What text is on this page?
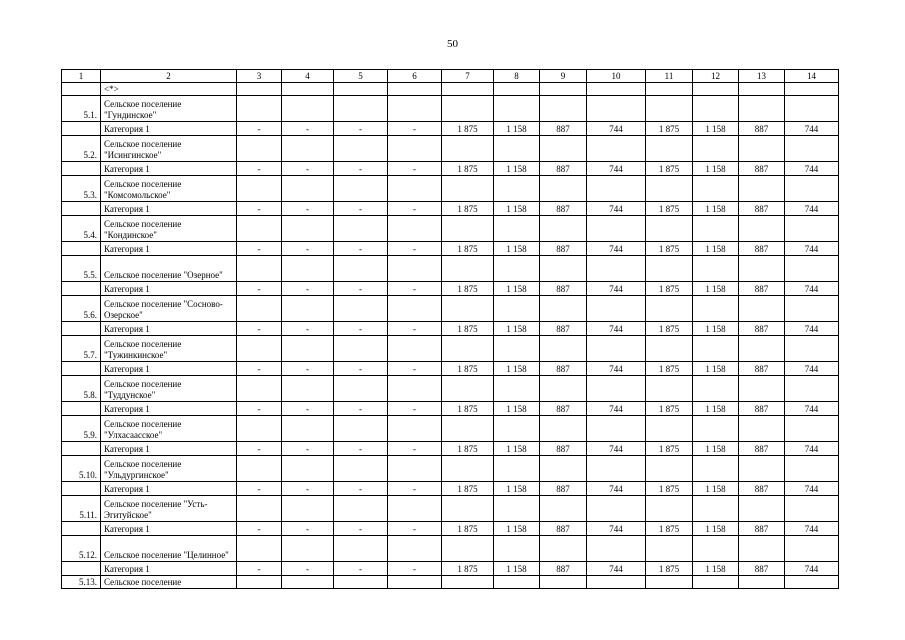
50
1	2	3	4	5	6	7	8	9	10	11	12	13	14
	<*>												
5.1.	Сельское поселение "Гундинское"												
	Категория 1	-	-	-	-	1 875	1 158	887	744	1 875	1 158	887	744
5.2.	Сельское поселение "Исингинское"												
	Категория 1	-	-	-	-	1 875	1 158	887	744	1 875	1 158	887	744
5.3.	Сельское поселение "Комсомольское"												
	Категория 1	-	-	-	-	1 875	1 158	887	744	1 875	1 158	887	744
5.4.	Сельское поселение "Кондинское"												
	Категория 1	-	-	-	-	1 875	1 158	887	744	1 875	1 158	887	744
5.5.	Сельское поселение "Озерное"												
	Категория 1	-	-	-	-	1 875	1 158	887	744	1 875	1 158	887	744
5.6.	Сельское поселение "Сосново-Озерское"												
	Категория 1	-	-	-	-	1 875	1 158	887	744	1 875	1 158	887	744
5.7.	Сельское поселение "Тужинкинское"												
	Категория 1	-	-	-	-	1 875	1 158	887	744	1 875	1 158	887	744
5.8.	Сельское поселение "Туддунское"												
	Категория 1	-	-	-	-	1 875	1 158	887	744	1 875	1 158	887	744
5.9.	Сельское поселение "Улхасаасское"												
	Категория 1	-	-	-	-	1 875	1 158	887	744	1 875	1 158	887	744
5.10.	Сельское поселение "Ульдургинское"												
	Категория 1	-	-	-	-	1 875	1 158	887	744	1 875	1 158	887	744
5.11.	Сельское поселение "Усть-Эгитуйское"												
	Категория 1	-	-	-	-	1 875	1 158	887	744	1 875	1 158	887	744
5.12.	Сельское поселение "Целинное"												
	Категория 1	-	-	-	-	1 875	1 158	887	744	1 875	1 158	887	744
5.13.	Сельское поселение												
